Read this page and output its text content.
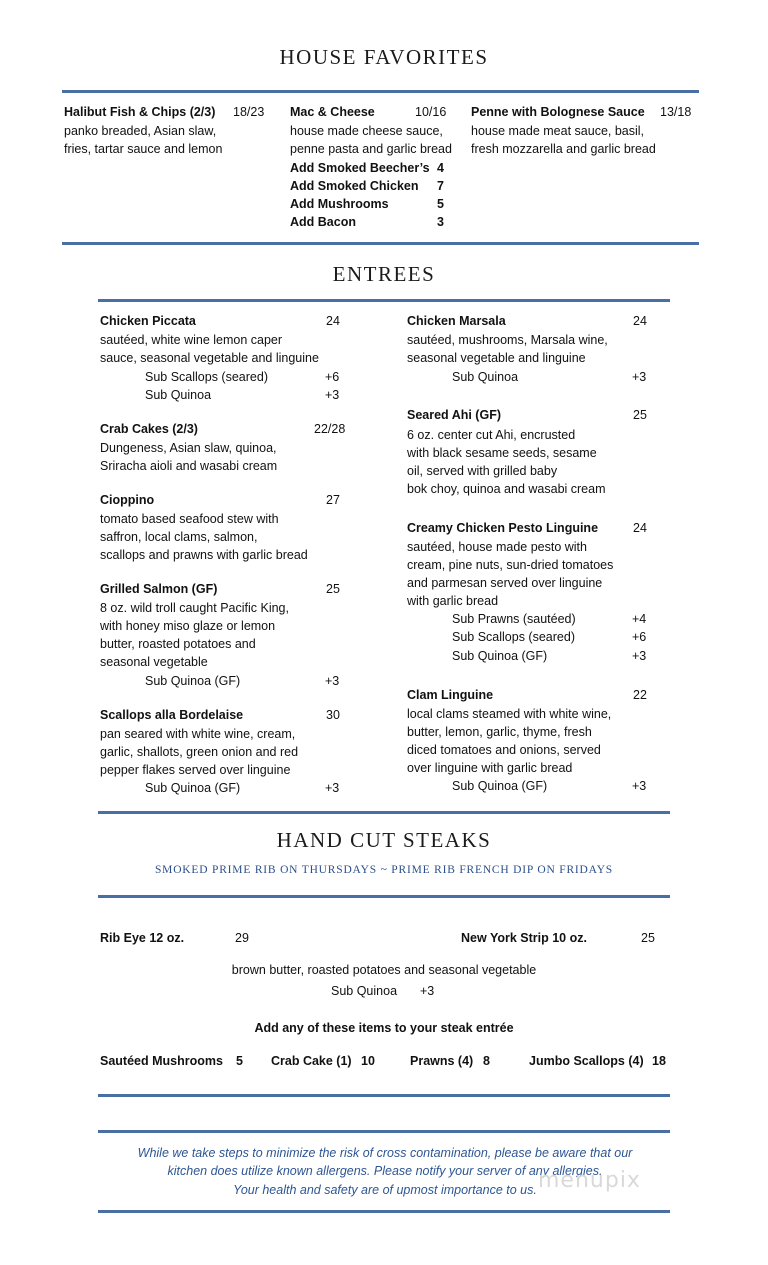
HOUSE FAVORITES
Halibut Fish & Chips (2/3) 18/23
panko breaded, Asian slaw,
fries, tartar sauce and lemon
Mac & Cheese	10/16
house made cheese sauce,
penne pasta and garlic bread
Add Smoked Beecher’s 4
Add Smoked Chicken 7
Add Mushrooms	5
Add Bacon	3
Penne with Bolognese Sauce 13/18
house made meat sauce, basil,
fresh mozzarella and garlic bread
ENTREES
Chicken Piccata	24
sautéed, white wine lemon caper
sauce, seasonal vegetable and linguine
Sub Scallops (seared)	+6
Sub Quinoa	+3
Crab Cakes (2/3)	22/28
Dungeness, Asian slaw, quinoa,
Sriracha aioli and wasabi cream
Cioppino	27
tomato based seafood stew with
saffron, local clams, salmon,
scallops and prawns with garlic bread
Grilled Salmon (GF)	25
8 oz. wild troll caught Pacific King,
with honey miso glaze or lemon
butter, roasted potatoes and
seasonal vegetable
Sub Quinoa (GF)	+3
Scallops alla Bordelaise	30
pan seared with white wine, cream,
garlic, shallots, green onion and red
pepper flakes served over linguine
Sub Quinoa (GF)	+3
Chicken Marsala	24
sautéed, mushrooms, Marsala wine,
seasonal vegetable and linguine
Sub Quinoa	+3
Seared Ahi (GF)	25
6 oz. center cut Ahi, encrusted
with black sesame seeds, sesame
oil, served with grilled baby
bok choy, quinoa and wasabi cream
Creamy Chicken Pesto Linguine	24
sautéed, house made pesto with
cream, pine nuts, sun-dried tomatoes
and parmesan served over linguine
with garlic bread
Sub Prawns (sautéed)	+4
Sub Scallops (seared)	+6
Sub Quinoa (GF)	+3
Clam Linguine	22
local clams steamed with white wine,
butter, lemon, garlic, thyme, fresh
diced tomatoes and onions, served
over linguine with garlic bread
Sub Quinoa (GF)	+3
HAND CUT STEAKS
SMOKED PRIME RIB ON THURSDAYS ~ PRIME RIB FRENCH DIP ON FRIDAYS
Rib Eye 12 oz.	29	New York Strip 10 oz.	25
brown butter, roasted potatoes and seasonal vegetable
Sub Quinoa +3
Add any of these items to your steak entrée
Sautéed Mushrooms 5 Crab Cake (1) 10	Prawns (4) 8	Jumbo Scallops (4) 18
While we take steps to minimize the risk of cross contamination, please be aware that our
kitchen does utilize known allergens. Please notify your server of any allergies.
Your health and safety are of upmost importance to us. menupix
